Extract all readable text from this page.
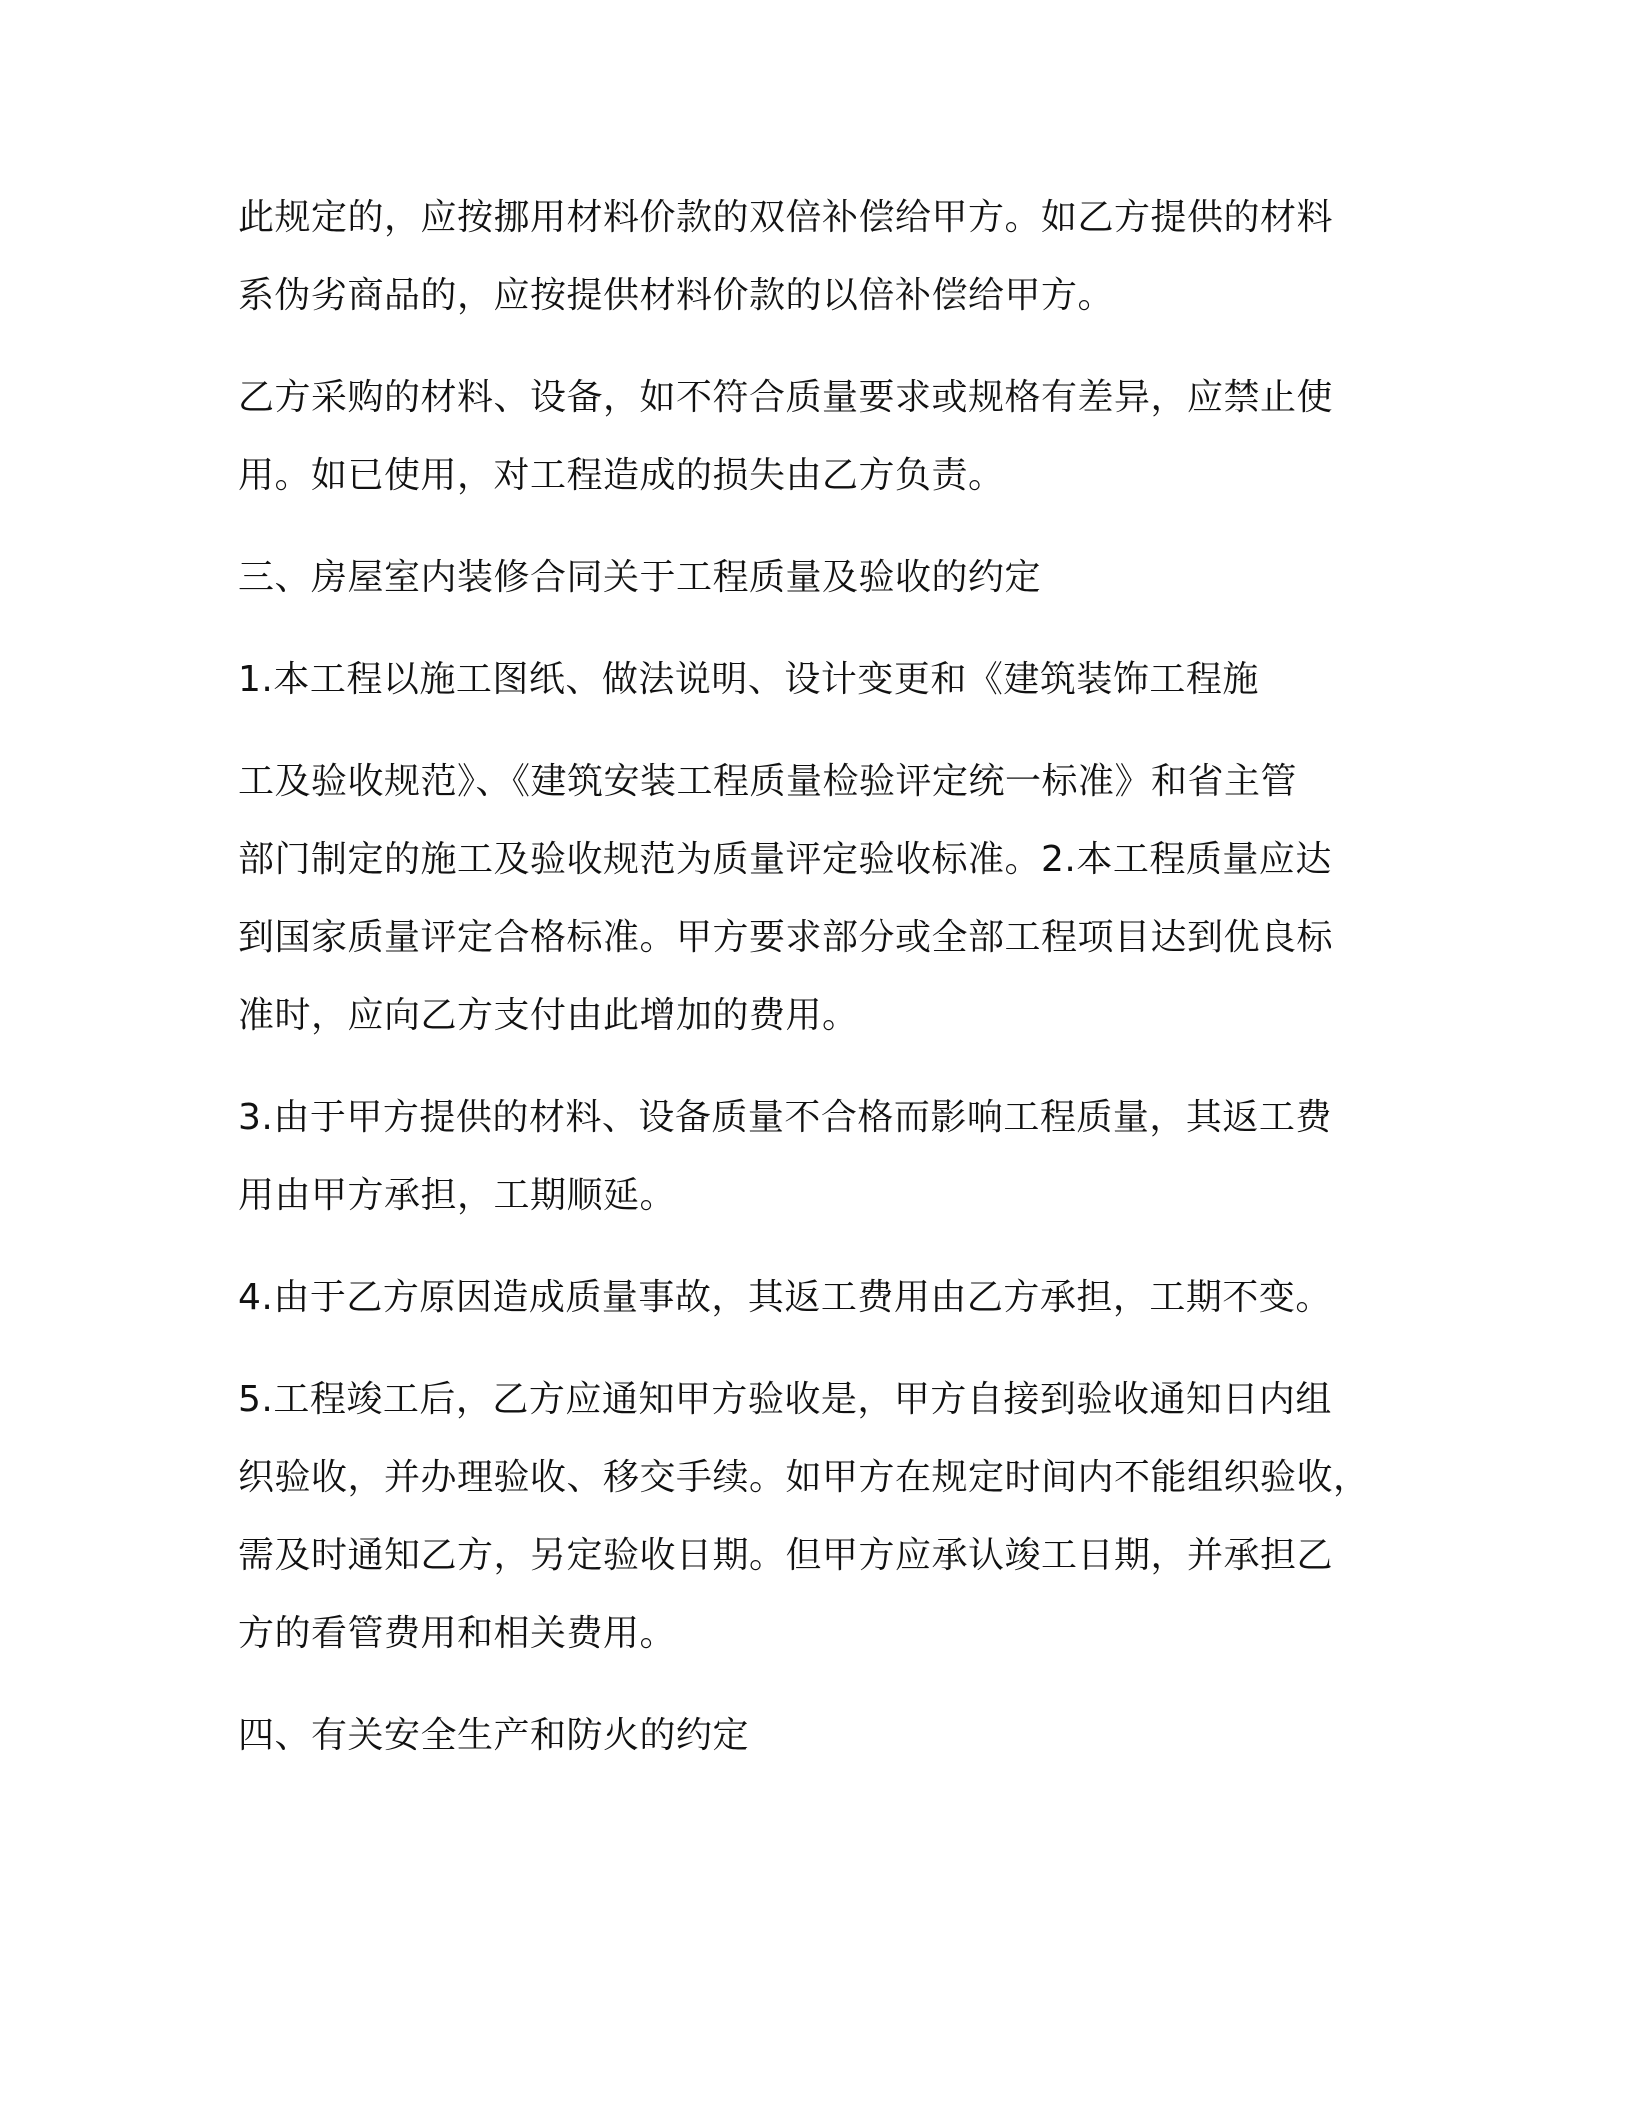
此规定的，应按挪用材料价款的双倍补偿给甲方。如乙方提供的材料
系伪劣商品的，应按提供材料价款的以倍补偿给甲方。
乙方采购的材料、设备，如不符合质量要求或规格有差异，应禁止使
用。如已使用，对工程造成的损失由乙方负责。
三、房屋室内装修合同关于工程质量及验收的约定
1.本工程以施工图纸、做法说明、设计变更和《建筑装饰工程施
工及验收规范》、《建筑安装工程质量检验评定统一标准》和省主管
部门制定的施工及验收规范为质量评定验收标准。2.本工程质量应达
到国家质量评定合格标准。甲方要求部分或全部工程项目达到优良标
准时，应向乙方支付由此增加的费用。
3.由于甲方提供的材料、设备质量不合格而影响工程质量，其返工费
用由甲方承担，工期顺延。
4.由于乙方原因造成质量事故，其返工费用由乙方承担，工期不变。
5.工程竣工后，乙方应通知甲方验收是，甲方自接到验收通知日内组
织验收，并办理验收、移交手续。如甲方在规定时间内不能组织验收，
需及时通知乙方，另定验收日期。但甲方应承认竣工日期，并承担乙
方的看管费用和相关费用。
四、有关安全生产和防火的约定
